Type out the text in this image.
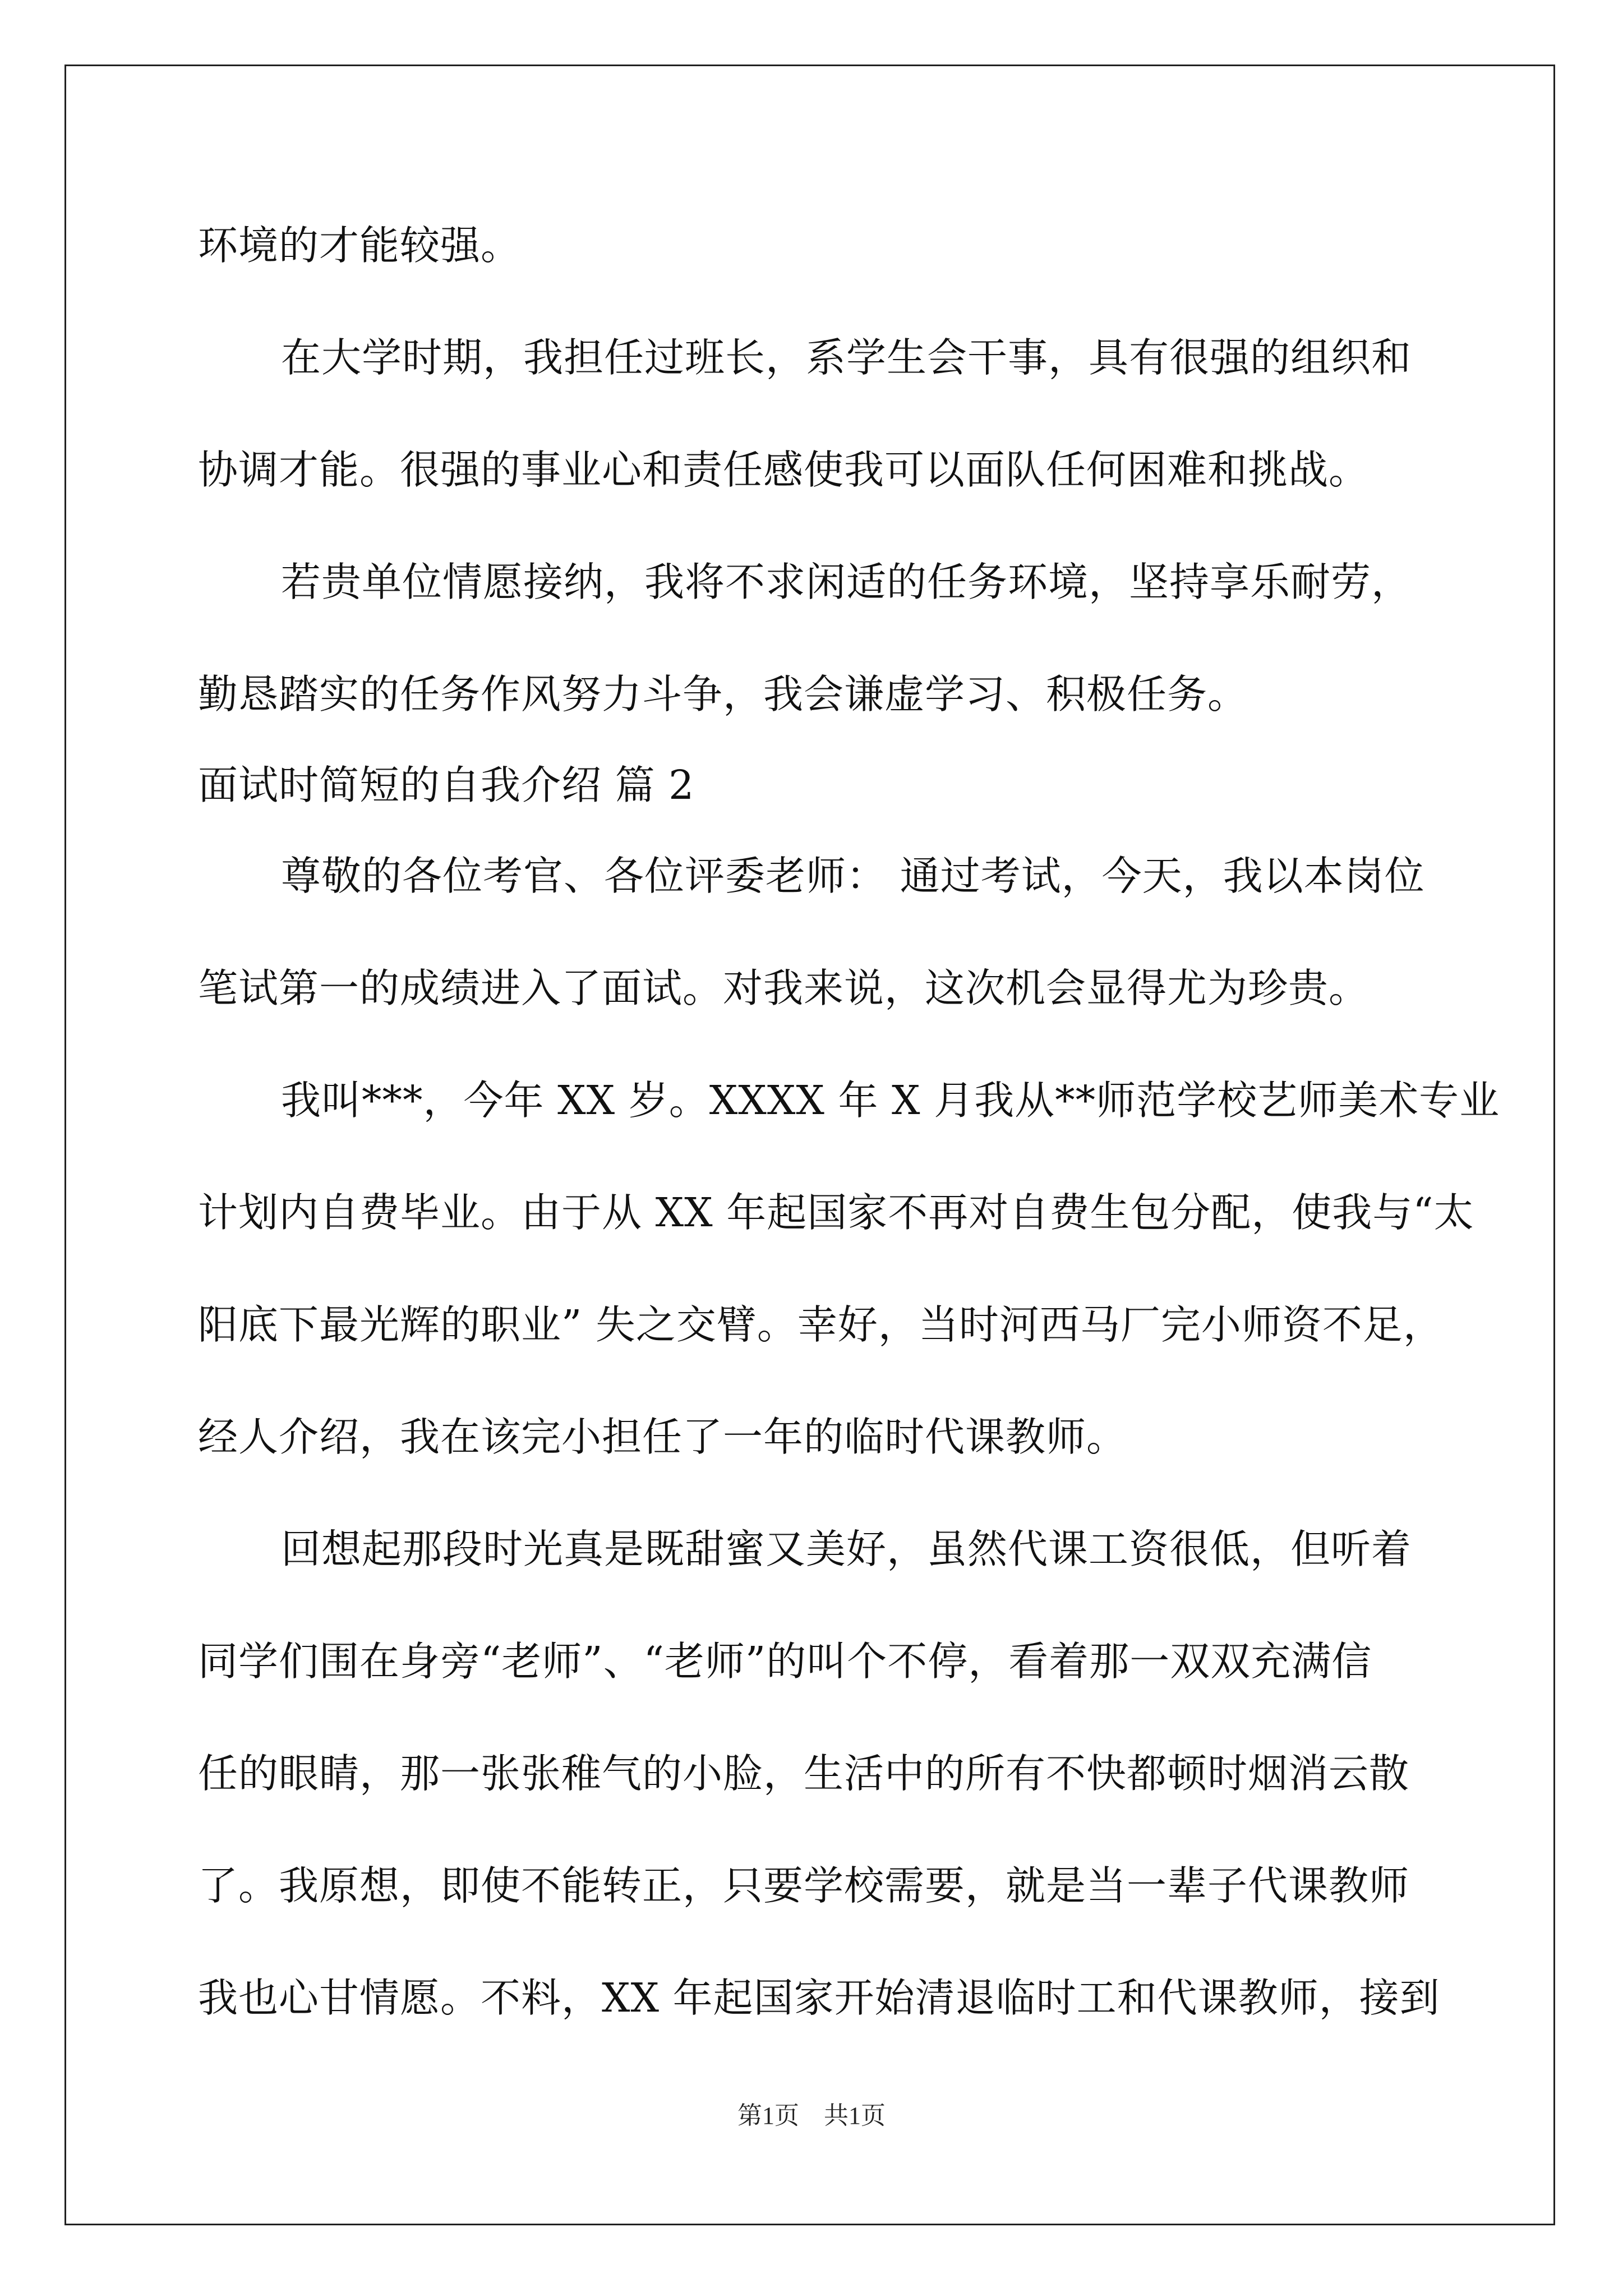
环境的才能较强。
在大学时期，我担任过班长，系学生会干事，具有很强的组织和
协调才能。很强的事业心和责任感使我可以面队任何困难和挑战。
若贵单位情愿接纳，我将不求闲适的任务环境，坚持享乐耐劳，
勤恳踏实的任务作风努力斗争，我会谦虚学习、积极任务。
面试时简短的自我介绍 篇 2
尊敬的各位考官、各位评委老师： 通过考试，今天，我以本岗位
笔试第一的成绩进入了面试。对我来说，这次机会显得尤为珍贵。
我叫***，今年 XX 岁。XXXX 年 X 月我从**师范学校艺师美术专业
计划内自费毕业。由于从 XX 年起国家不再对自费生包分配，使我与“太
阳底下最光辉的职业” 失之交臂。幸好，当时河西马厂完小师资不足，
经人介绍，我在该完小担任了一年的临时代课教师。
回想起那段时光真是既甜蜜又美好，虽然代课工资很低，但听着
同学们围在身旁“老师”、“老师”的叫个不停，看着那一双双充满信
任的眼睛，那一张张稚气的小脸，生活中的所有不快都顿时烟消云散
了。我原想，即使不能转正，只要学校需要，就是当一辈子代课教师
我也心甘情愿。不料，XX 年起国家开始清退临时工和代课教师，接到
第1页    共1页
